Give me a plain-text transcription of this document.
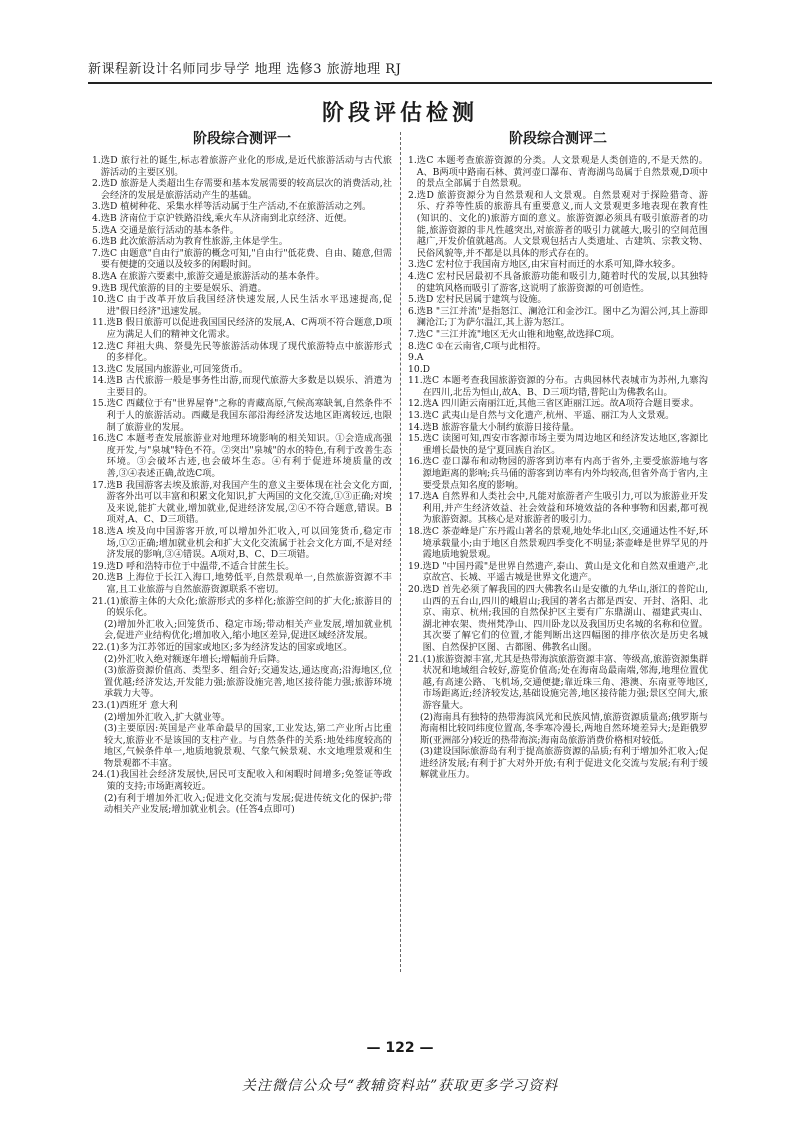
新课程新设计名师同步导学 地理 选修3 旅游地理 RJ
阶段评估检测
阶段综合测评一
1. 选D 旅行社的诞生,标志着旅游产业化的形成,是近代旅游活动与古代旅游活动的主要区别。
2. 选D 旅游是人类超出生存需要和基本发展需要的较高层次的消费活动,社会经济的发展是旅游活动产生的基础。
3. 选D 植树种花、采集水样等活动属于生产活动,不在旅游活动之列。
4. 选B 济南位于京沪铁路沿线,乘火车从济南到北京经济、近便。
5. 选A 交通是旅行活动的基本条件。
6. 选B 此次旅游活动为教育性旅游,主体是学生。
7. 选C 由题意"自由行"旅游的概念可知,"自由行"低花费、自由、随意,但需要有便捷的交通以及较多的闲暇时间。
8. 选A 在旅游六要素中,旅游交通是旅游活动的基本条件。
9. 选B 现代旅游的目的主要是娱乐、消遣。
10. 选C 由于改革开放后我国经济快速发展,人民生活水平迅速提高,促进"假日经济"迅速发展。
11. 选B 假日旅游可以促进我国国民经济的发展,A、C两项不符合题意,D项应为满足人们的精神文化需求。
12. 选C 拜祖大典、祭曼先民等旅游活动体现了现代旅游特点中旅游形式的多样化。
13. 选C 发展国内旅游业,可回笼货币。
14. 选B 古代旅游一般是事务性出游,而现代旅游大多数是以娱乐、消遣为主要目的。
15. 选C 西藏位于有"世界屋脊"之称的青藏高原,气候高寒缺氧,自然条件不利于人的旅游活动。西藏是我国东部沿海经济发达地区距离较远,也限制了旅游业的发展。
16. 选C 本题考查发展旅游业对地理环境影响的相关知识。①会造成高强度开发,与"泉城"特色不符。②突出"泉城"的水的特色,有利于改善生态环境。③会破坏古迹,也会破坏生态。④有利于促进环境质量的改善,③④表述正确,故选C项。
17. 选B 我国游客去埃及旅游,对我国产生的意义主要体现在社会文化方面,游客外出可以丰富和积累文化知识,扩大两国的文化交流,①③正确;对埃及来说,能扩大就业,增加就业,促进经济发展,②④不符合题意,错误。B项对,A、C、D三项错。
18. 选A 埃及向中国游客开放,可以增加外汇收入,可以回笼货币,稳定市场,①②正确;增加就业机会和扩大文化交流属于社会文化方面,不是对经济发展的影响,③④错误。A项对,B、C、D三项错。
19. 选D 呼和浩特市位于中温带,不适合甘蔗生长。
20. 选B 上海位于长江入海口,地势低平,自然景观单一,自然旅游资源不丰富,且工业旅游与自然旅游资源联系不密切。
21. (1)旅游主体的大众化;旅游形式的多样化;旅游空间的扩大化;旅游目的的娱乐化。
(2)增加外汇收入;回笼货币、稳定市场;带动相关产业发展,增加就业机会,促进产业结构优化;增加收入,缩小地区差异,促进区域经济发展。
22. (1)多为江苏邻近的国家或地区;多为经济发达的国家或地区。
(2)外汇收入绝对额逐年增长;增幅前升后降。
(3)旅游资源价值高、类型多、组合好;交通发达,通达度高;沿海地区,位置优越;经济发达,开发能力强;旅游设施完善,地区接待能力强;旅游环境承载力大等。
23. (1)西班牙 意大利
(2)增加外汇收入,扩大就业等。
(3)主要原因:英国是产业革命最早的国家,工业发达,第二产业所占比重较大,旅游业不是该国的支柱产业。与自然条件的关系:地处纬度较高的地区,气候条件单一,地质地貌景观、气象气候景观、水文地理景观和生物景观都不丰富。
24. (1)我国社会经济发展快,居民可支配收入和闲暇时间增多;免签证等政策的支持;市场距离较近。
(2)有利于增加外汇收入;促进文化交流与发展;促进传统文化的保护;带动相关产业发展;增加就业机会。(任答4点即可)
阶段综合测评二
1. 选C 本题考查旅游资源的分类。人文景观是人类创造的,不是天然的。A、B两项中路南石林、黄河壶口瀑布、青海湖鸟岛属于自然景观,D项中的景点全部属于自然景观。
2. 选D 旅游资源分为自然景观和人文景观。自然景观对于探险猎奇、游乐、疗养等性质的旅游具有重要意义,而人文景观更多地表现在教育性(知识的、文化的)旅游方面的意义。旅游资源必须具有吸引旅游者的功能,旅游资源的非凡性越突出,对旅游者的吸引力就越大,吸引的空间范围越广,开发价值就越高。人文景观包括古人类遗址、古建筑、宗教文物、民俗风貌等,并不都是以具体的形式存在的。
3. 选C 宏村位于我国南方地区,由宋盲村而迁的水系可知,降水较多。
4. 选C 宏村民居最初不具备旅游功能和吸引力,随着时代的发展,以其独特的建筑风格而吸引了游客,这说明了旅游资源的可创造性。
5. 选D 宏村民居属于建筑与设施。
6. 选B "三江并流"是指怒江、澜沧江和金沙江。图中乙为湄公河,其上游即澜沧江;丁为萨尔温江,其上游为怒江。
7. 选C "三江并流"地区无火山锥和地壑,故选择C项。
8. 选C ①在云南省,C项与此相符。
9. A
10. D
11. 选C 本题考查我国旅游资源的分布。古典园林代表城市为苏州,九寨沟在四川,北岳为恒山,故A、B、D三项均错,普陀山为佛教名山。
12. 选A 四川距云南丽江近,其他三省区距丽江远。故A项符合题目要求。
13. 选C 武夷山是自然与文化遗产,杭州、平遥、丽江为人文景观。
14. 选B 旅游容量大小制约旅游日接待量。
15. 选C 读图可知,西安市客源市场主要为周边地区和经济发达地区,客源比重增长最快的是宁夏回族自治区。
16. 选C 壶口瀑布和动物园的游客到访率有内高于省外,主要受旅游地与客源地距离的影响;兵马俑的游客到访率有内外均较高,但省外高于省内,主要受景点知名度的影响。
17. 选A 自然界和人类社会中,凡能对旅游者产生吸引力,可以为旅游业开发利用,并产生经济效益、社会效益和环境效益的各种事物和因素,都可视为旅游资源。其核心是对旅游者的吸引力。
18. 选C 茶壶峰是广东丹霞山著名的景观,地处华北山区,交通通达性不好,环境承载量小;由于地区自然景观四季变化不明显;茶壶峰是世界罕见的丹霞地质地貌景观。
19. 选D "中国丹霞"是世界自然遗产,泰山、黄山是文化和自然双重遗产,北京故宫、长城、平遥古城是世界文化遗产。
20. 选D 首先必须了解我国的四大佛教名山是安徽的九华山,浙江的普陀山,山西的五台山,四川的峨眉山;我国的著名古都是西安、开封、洛阳、北京、南京、杭州;我国的自然保护区主要有广东鼎湖山、福建武夷山、湖北神农架、贵州梵净山、四川卧龙以及我国历史名城的名称和位置。其次要了解它们的位置,才能判断出这四幅图的排序依次是历史名城图、自然保护区图、古都图、佛教名山图。
21. (1)旅游资源丰富,尤其是热带海滨旅游资源丰富、等级高,旅游资源集群状况和地域组合较好,游览价值高;处在海南岛最南端,邻海,地理位置优越,有高速公路、飞机场,交通便捷;靠近珠三角、港澳、东南亚等地区,市场距离近;经济较发达,基础设施完善,地区接待能力强;景区空间大,旅游容量大。
(2)海南具有独特的热带海滨风光和民族风情,旅游资源质量高;俄罗斯与海南相比较同纬度位置高,冬季寒冷漫长,两地自然环境差异大;是距俄罗斯(亚洲部分)较近的热带海滨;海南岛旅游消费价格相对较低。
(3)建设国际旅游岛有利于提高旅游资源的品质;有利于增加外汇收入;促进经济发展;有利于扩大对外开放;有利于促进文化交流与发展;有利于缓解就业压力。
— 122 —
关注微信公众号“教辅资料站”获取更多学习资料
